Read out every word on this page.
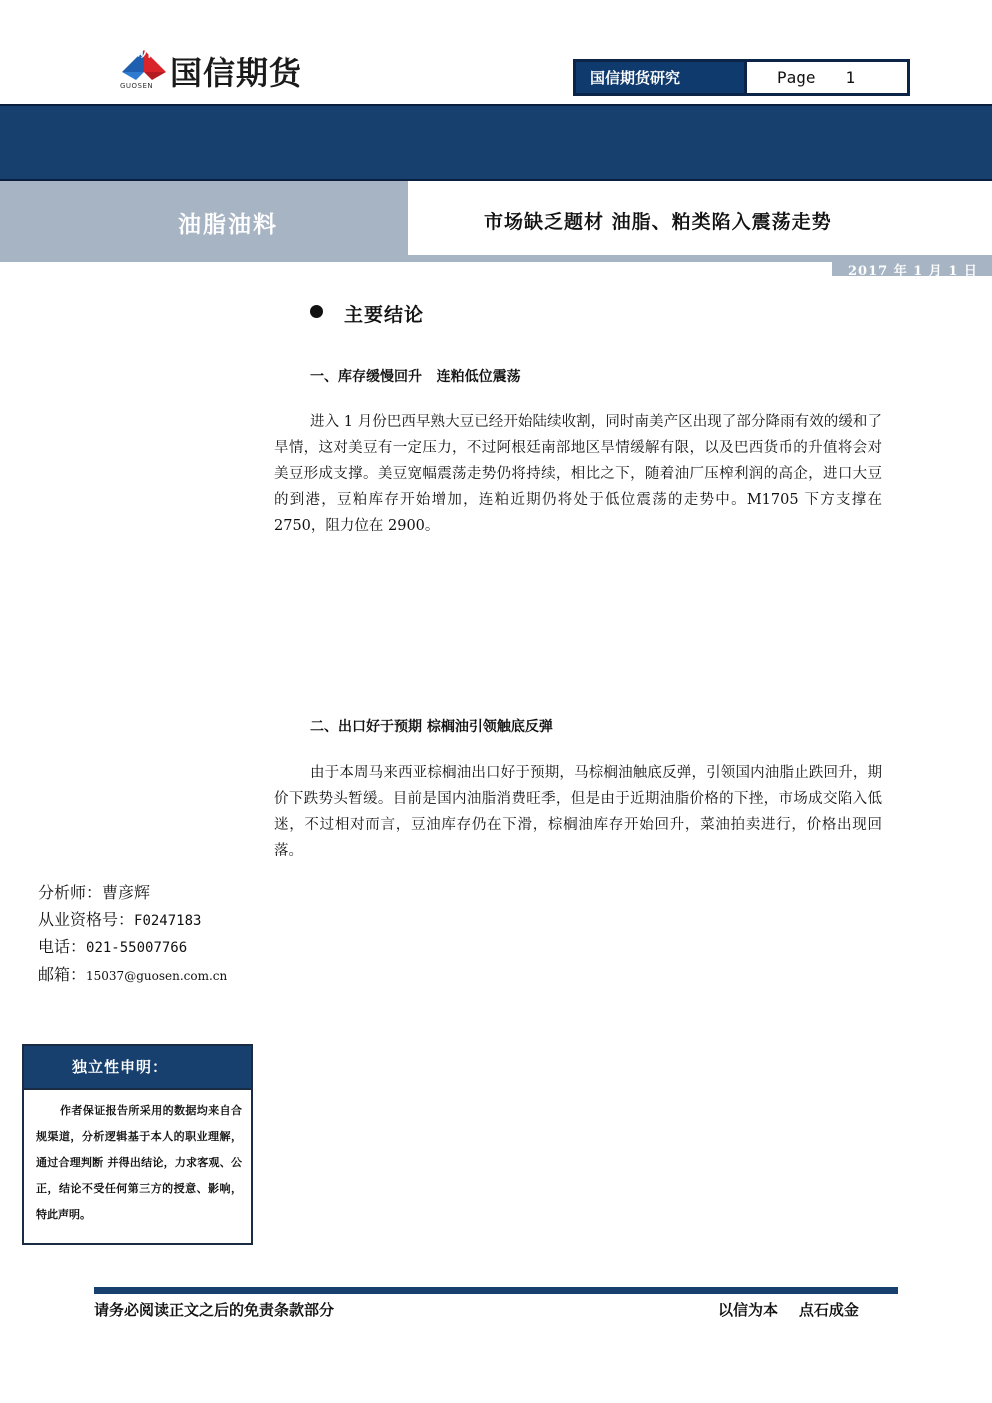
GUOSEN 国信期货	国信期货研究	Page 1
国信期货研发部油脂油料周报
油脂油料	市场缺乏题材 油脂、粕类陷入震荡走势
2017 年 1 月 1 日
主要结论
一、库存缓慢回升   连粕低位震荡
进入 1 月份巴西早熟大豆已经开始陆续收割，同时南美产区出现了部分降雨有效的缓和了旱情，这对美豆有一定压力，不过阿根廷南部地区旱情缓解有限，以及巴西货币的升值将会对美豆形成支撑。美豆宽幅震荡走势仍将持续，相比之下，随着油厂压榨利润的高企，进口大豆的到港，豆粕库存开始增加，连粕近期仍将处于低位震荡的走势中。M1705 下方支撑在 2750，阻力位在 2900。
二、出口好于预期 棕榈油引领触底反弹
由于本周马来西亚棕榈油出口好于预期，马棕榈油触底反弹，引领国内油脂止跌回升，期价下跌势头暂缓。目前是国内油脂消费旺季，但是由于近期油脂价格的下挫，市场成交陷入低迷，不过相对而言，豆油库存仍在下滑，棕榈油库存开始回升，菜油拍卖进行，价格出现回落。
分析师：曹彦辉
从业资格号：F0247183
电话：021-55007766
邮箱：15037@guosen.com.cn
独立性申明：
作者保证报告所采用的数据均来自合规渠道，分析逻辑基于本人的职业理解，通过合理判断 并得出结论，力求客观、公正，结论不受任何第三方的授意、影响，特此声明。
请务必阅读正文之后的免责条款部分	以信为本    点石成金
